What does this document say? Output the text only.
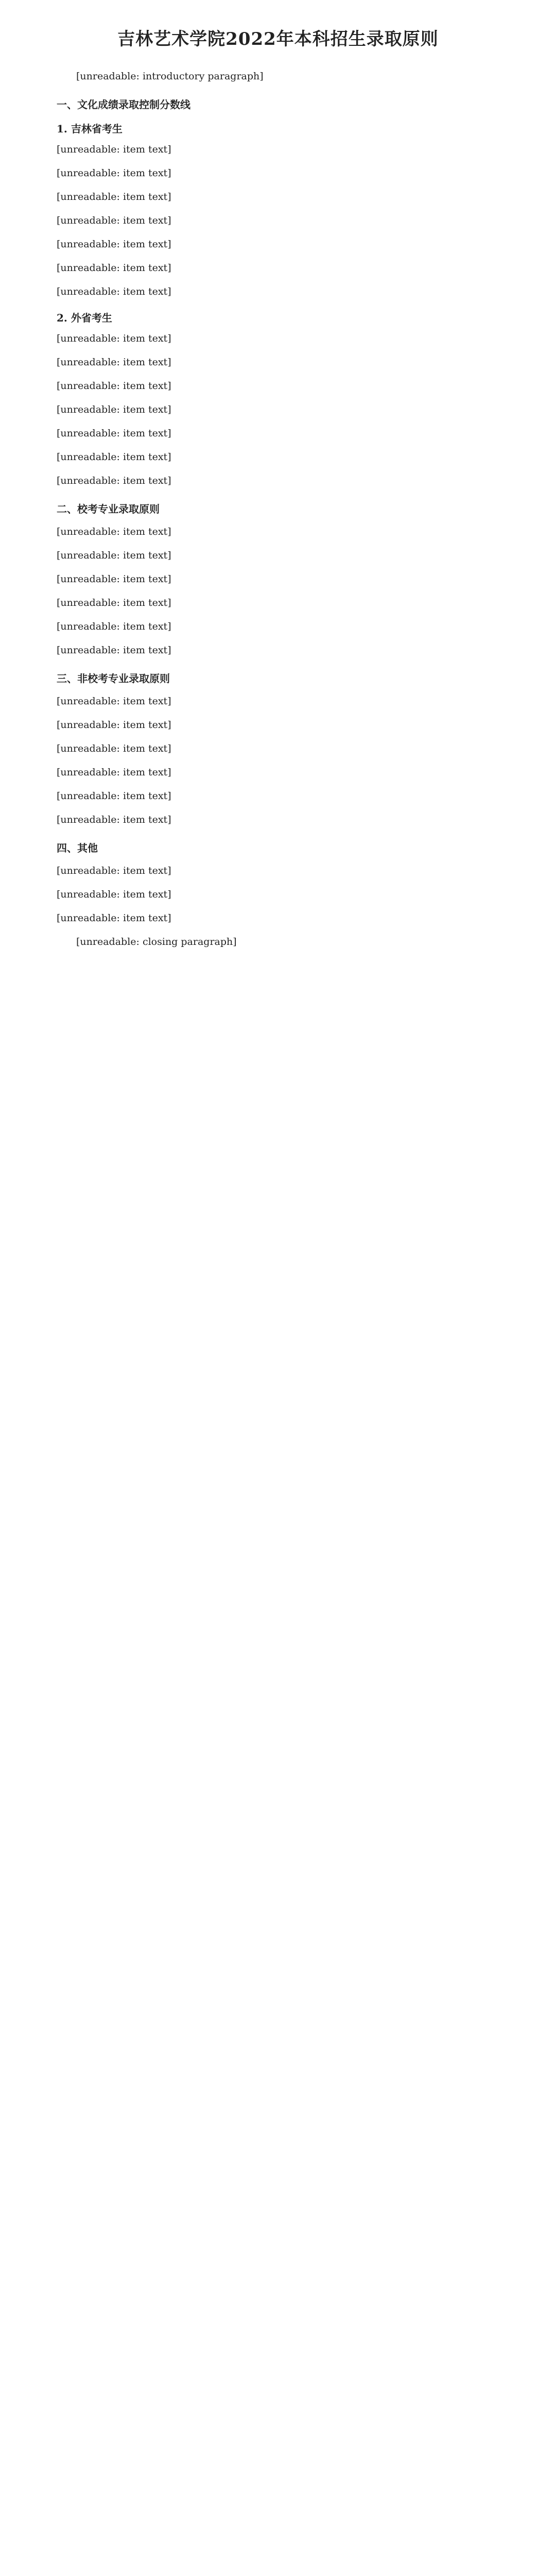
吉林艺术学院2022年本科招生录取原则
[unreadable: introductory paragraph]
一、文化成绩录取控制分数线
1. 吉林省考生
[unreadable: item text]
[unreadable: item text]
[unreadable: item text]
[unreadable: item text]
[unreadable: item text]
[unreadable: item text]
[unreadable: item text]
2. 外省考生
[unreadable: item text]
[unreadable: item text]
[unreadable: item text]
[unreadable: item text]
[unreadable: item text]
[unreadable: item text]
[unreadable: item text]
二、校考专业录取原则
[unreadable: item text]
[unreadable: item text]
[unreadable: item text]
[unreadable: item text]
[unreadable: item text]
[unreadable: item text]
三、非校考专业录取原则
[unreadable: item text]
[unreadable: item text]
[unreadable: item text]
[unreadable: item text]
[unreadable: item text]
[unreadable: item text]
四、其他
[unreadable: item text]
[unreadable: item text]
[unreadable: item text]
[unreadable: closing paragraph]
